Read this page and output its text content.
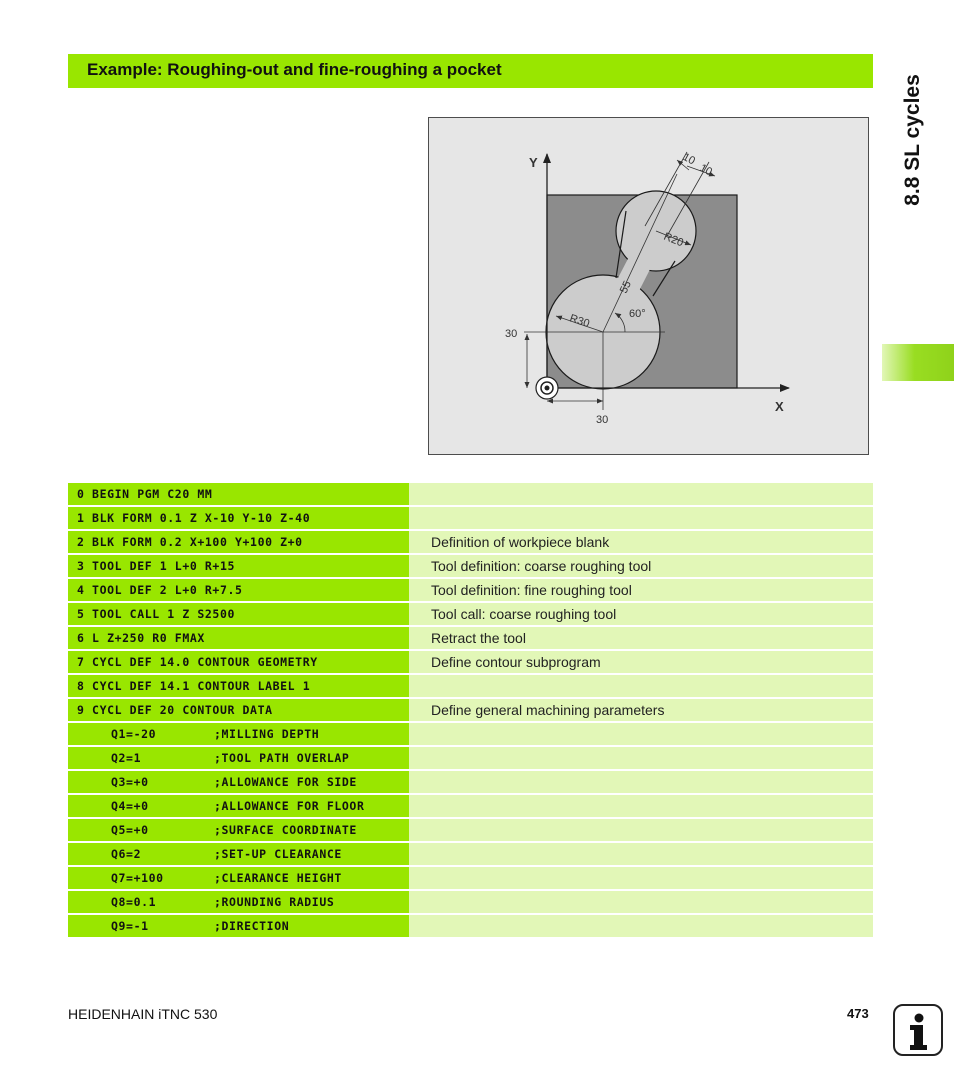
Example: Roughing-out and fine-roughing a pocket
8.8 SL cycles
Y
X
30
30
R30
R20
55
60°
10
10
0 BEGIN PGM C20 MM
1 BLK FORM 0.1 Z X-10 Y-10 Z-40
2 BLK FORM 0.2 X+100 Y+100 Z+0	Definition of workpiece blank
3 TOOL DEF 1 L+0 R+15	Tool definition: coarse roughing tool
4 TOOL DEF 2 L+0 R+7.5	Tool definition: fine roughing tool
5 TOOL CALL 1 Z S2500	Tool call: coarse roughing tool
6 L Z+250 R0 FMAX	Retract the tool
7 CYCL DEF 14.0 CONTOUR GEOMETRY	Define contour subprogram
8 CYCL DEF 14.1 CONTOUR LABEL 1
9 CYCL DEF 20 CONTOUR DATA	Define general machining parameters
Q1=-20	;MILLING DEPTH
Q2=1	;TOOL PATH OVERLAP
Q3=+0	;ALLOWANCE FOR SIDE
Q4=+0	;ALLOWANCE FOR FLOOR
Q5=+0	;SURFACE COORDINATE
Q6=2	;SET-UP CLEARANCE
Q7=+100	;CLEARANCE HEIGHT
Q8=0.1	;ROUNDING RADIUS
Q9=-1	;DIRECTION
HEIDENHAIN iTNC 530	473
